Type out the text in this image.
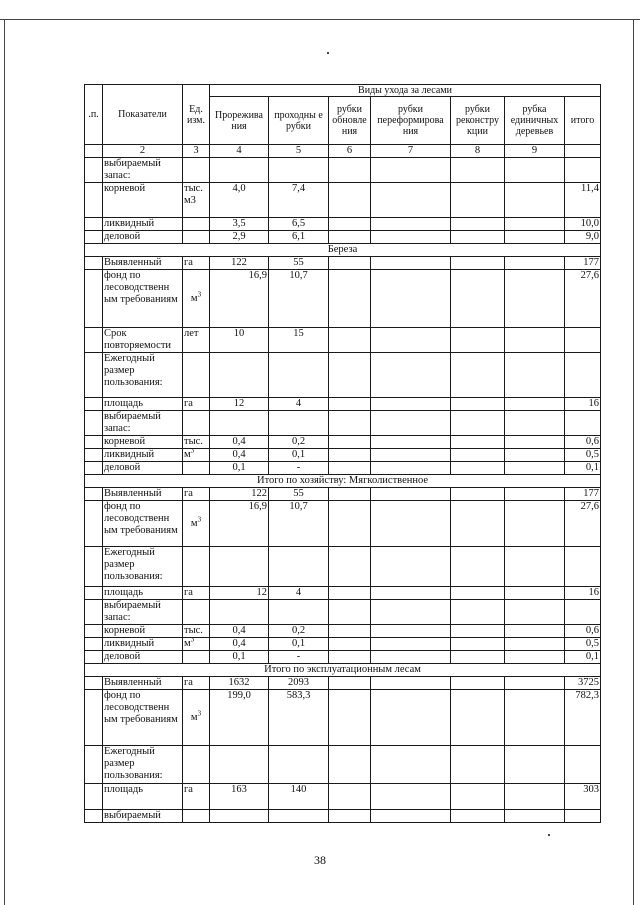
.п.	Показатели	Ед. изм.	Виды ухода за лесами						
			Прорежива ния	проходны е рубки	рубки обновле ния	рубки переформирова ния	рубки реконстру кции	рубка единичных деревьев	итого
	2	3	4	5	6	7	8	9	
	выбираемый запас:								
	корневой	тыс. м3	4,0	7,4					11,4
	ликвидный		3,5	6,5					10,0
	деловой		2,9	6,1					9,0
Береза									
	Выявленный	га	122	55					177
	фонд по лесоводственн ым требованиям	$м^3$	16,9	10,7					27,6
	Срок повторяемости	лет	10	15					
	Ежегодный размер пользования:								
	площадь	га	12	4					16
	выбираемый запас:								
	корневой	тыс.	0,4	0,2					0,6
	ликвидный	$м^3$	0,4	0,1					0,5
	деловой		0,1	-					0,1
Итого по хозяйству: Мягколиственное									
	Выявленный	га	122	55					177
	фонд по лесоводственн ым требованиям	$м^3$	16,9	10,7					27,6
	Ежегодный размер пользования:								
	площадь	га	12	4					16
	выбираемый запас:								
	корневой	тыс.	0,4	0,2					0,6
	ликвидный	$м^3$	0,4	0,1					0,5
	деловой		0,1	-					0,1
Итого по эксплуатационным лесам									
	Выявленный	га	1632	2093					3725
	фонд по лесоводственн ым требованиям	$м^3$	199,0	583,3					782,3
	Ежегодный размер пользования:								
	площадь	га	163	140					303
	выбираемый								
38
